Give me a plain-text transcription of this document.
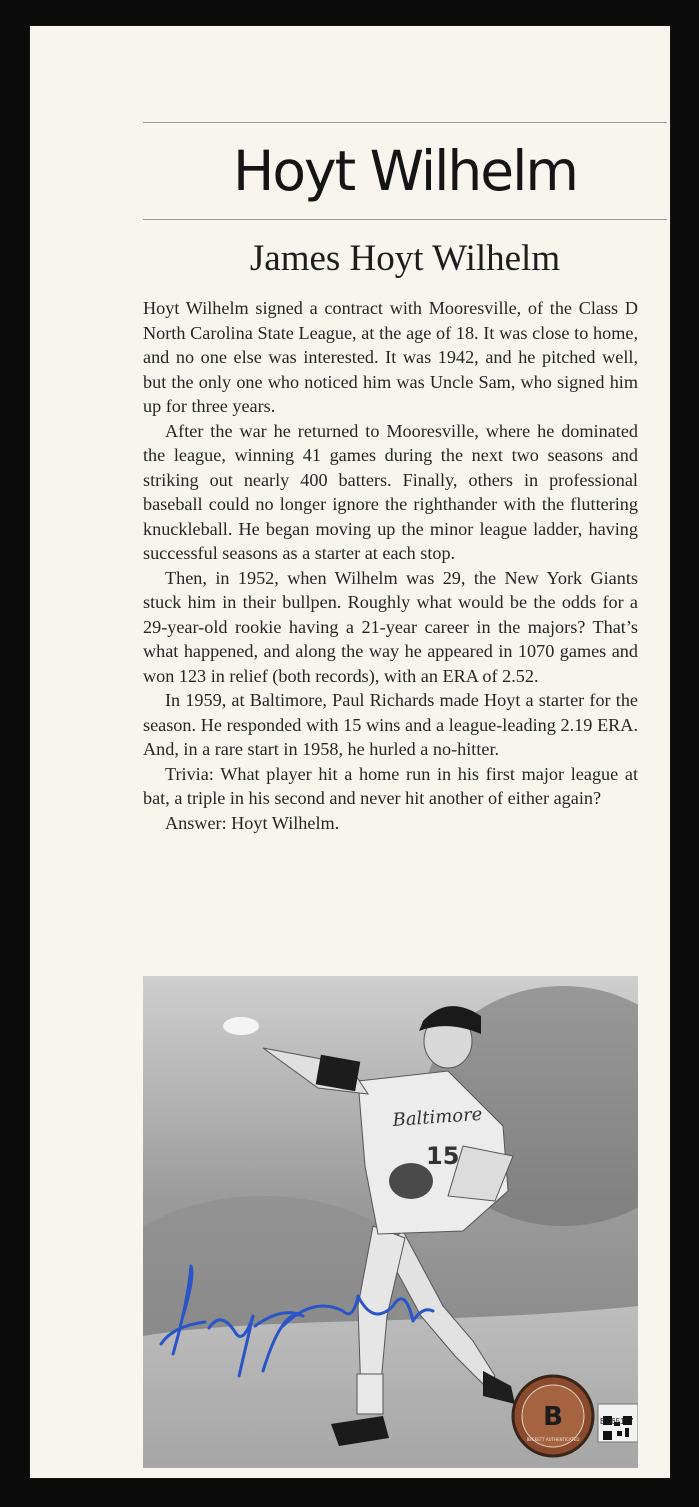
Hoyt Wilhelm
James Hoyt Wilhelm

Hoyt Wilhelm signed a contract with Mooresville, of the Class D North Carolina State League, at the age of 18. It was close to home, and no one else was interested. It was 1942, and he pitched well, but the only one who noticed him was Uncle Sam, who signed him up for three years.

After the war he returned to Mooresville, where he dominated the league, winning 41 games during the next two seasons and striking out nearly 400 batters. Finally, others in professional baseball could no longer ignore the righthander with the fluttering knuckleball. He began moving up the minor league ladder, having successful seasons as a starter at each stop.

Then, in 1952, when Wilhelm was 29, the New York Giants stuck him in their bullpen. Roughly what would be the odds for a 29-year-old rookie having a 21-year career in the majors? That’s what happened, and along the way he appeared in 1070 games and won 123 in relief (both records), with an ERA of 2.52.

In 1959, at Baltimore, Paul Richards made Hoyt a starter for the season. He responded with 15 wins and a league-leading 2.19 ERA. And, in a rare start in 1958, he hurled a no-hitter.

Trivia: What player hit a home run in his first major league at bat, a triple in his second and never hit another of either again?

Answer: Hoyt Wilhelm.

Baltimore
15
B
BECKETT AUTHENTICATED
BU65157
